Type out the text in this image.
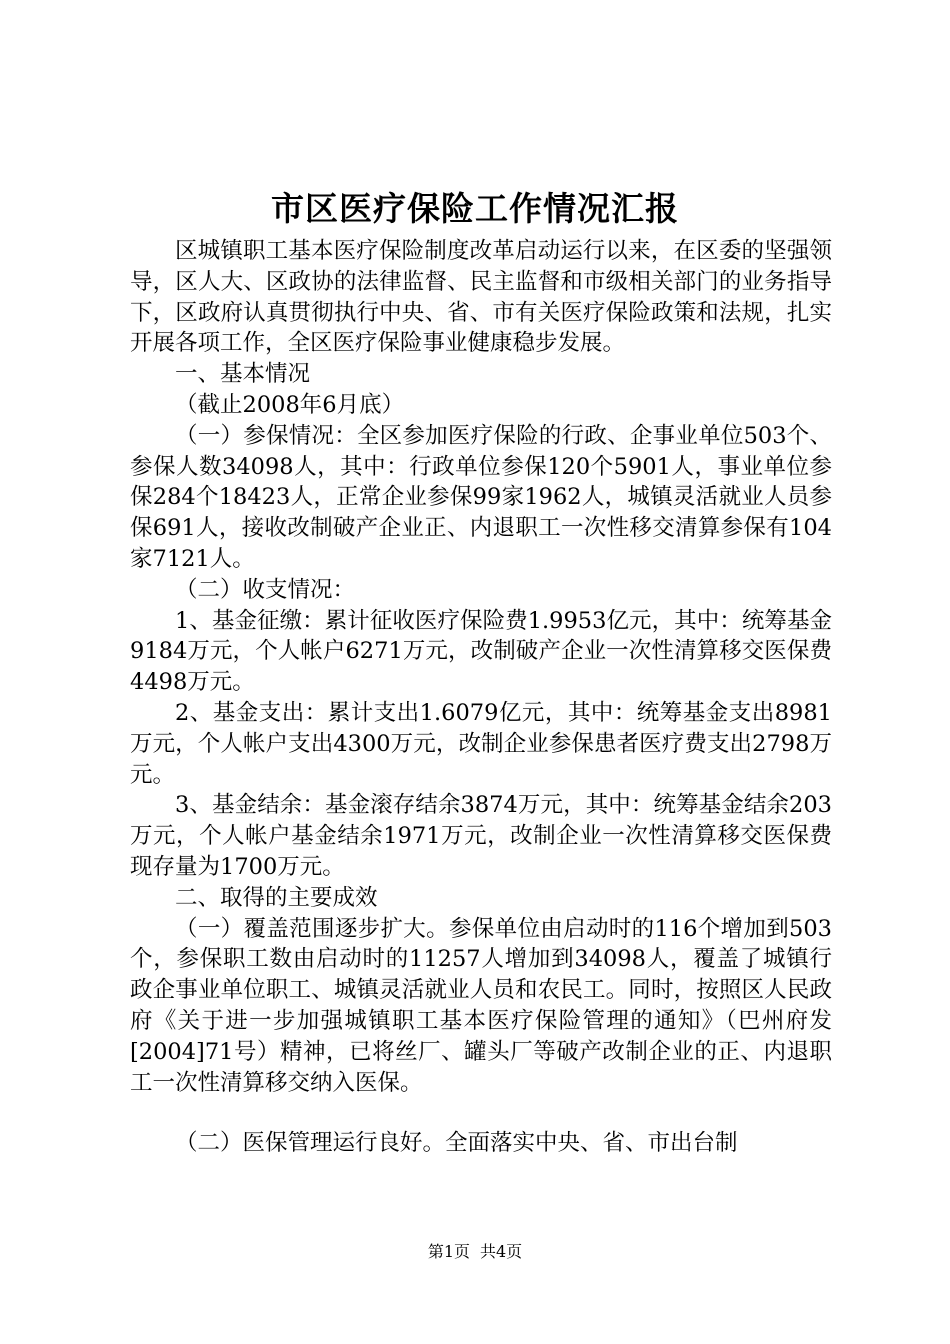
市区医疗保险工作情况汇报

区城镇职工基本医疗保险制度改革启动运行以来，在区委的坚强领导，区人大、区政协的法律监督、民主监督和市级相关部门的业务指导下，区政府认真贯彻执行中央、省、市有关医疗保险政策和法规，扎实开展各项工作，全区医疗保险事业健康稳步发展。

一、基本情况

（截止2008年6月底）

（一）参保情况：全区参加医疗保险的行政、企事业单位503个、参保人数34098人，其中：行政单位参保120个5901人，事业单位参保284个18423人，正常企业参保99家1962人，城镇灵活就业人员参保691人，接收改制破产企业正、内退职工一次性移交清算参保有104家7121人。

（二）收支情况：

1、基金征缴：累计征收医疗保险费1.9953亿元，其中：统筹基金9184万元，个人帐户6271万元，改制破产企业一次性清算移交医保费4498万元。

2、基金支出：累计支出1.6079亿元，其中：统筹基金支出8981万元，个人帐户支出4300万元，改制企业参保患者医疗费支出2798万元。

3、基金结余：基金滚存结余3874万元，其中：统筹基金结余203万元，个人帐户基金结余1971万元，改制企业一次性清算移交医保费现存量为1700万元。

二、取得的主要成效

（一）覆盖范围逐步扩大。参保单位由启动时的116个增加到503个，参保职工数由启动时的11257人增加到34098人，覆盖了城镇行政企事业单位职工、城镇灵活就业人员和农民工。同时，按照区人民政府《关于进一步加强城镇职工基本医疗保险管理的通知》（巴州府发[2004]71号）精神，已将丝厂、罐头厂等破产改制企业的正、内退职工一次性清算移交纳入医保。

（二）医保管理运行良好。全面落实中央、省、市出台制

第1页 共4页
